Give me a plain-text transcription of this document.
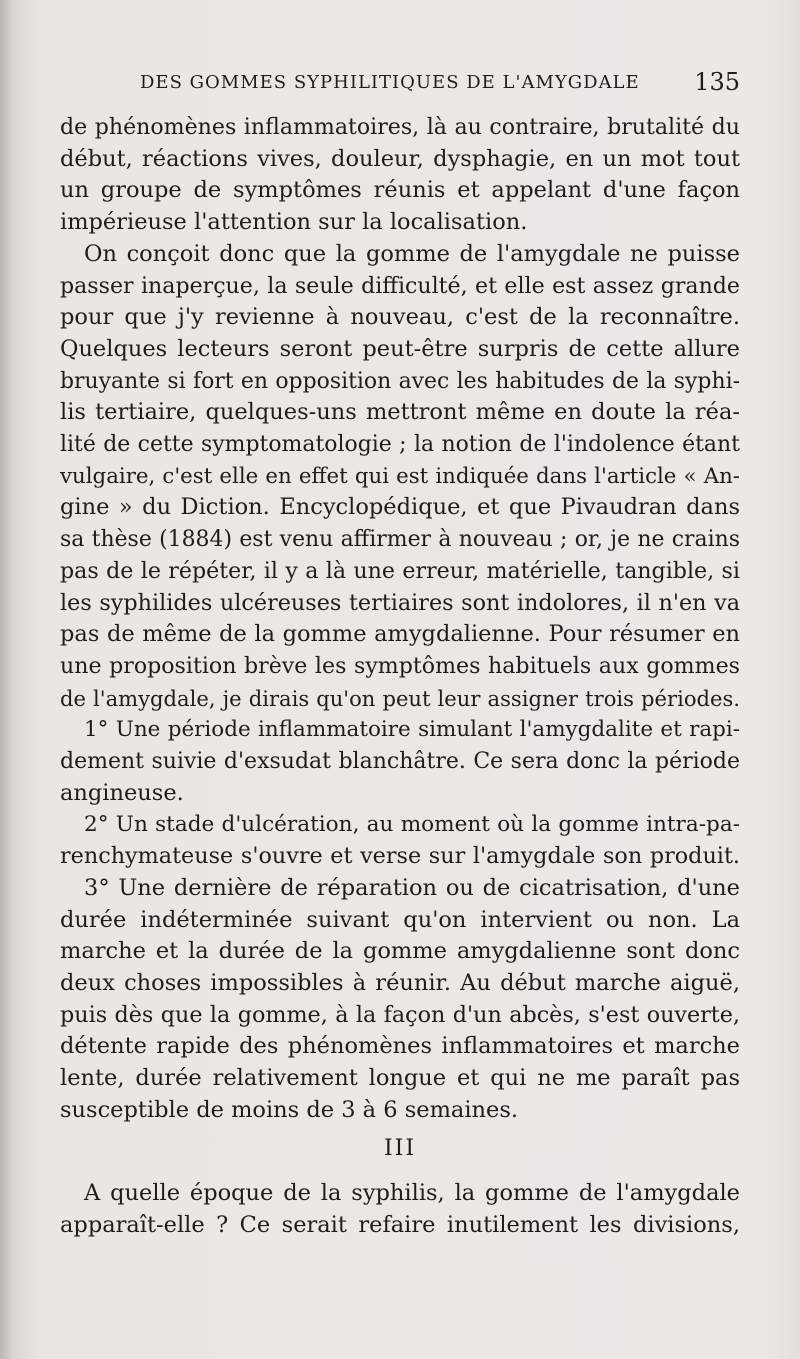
DES GOMMES SYPHILITIQUES DE L'AMYGDALE 135
de phénomènes inflammatoires, là au contraire, brutalité du
début, réactions vives, douleur, dysphagie, en un mot tout
un groupe de symptômes réunis et appelant d'une façon
impérieuse l'attention sur la localisation.
On conçoit donc que la gomme de l'amygdale ne puisse
passer inaperçue, la seule difficulté, et elle est assez grande
pour que j'y revienne à nouveau, c'est de la reconnaître.
Quelques lecteurs seront peut-être surpris de cette allure
bruyante si fort en opposition avec les habitudes de la syphi-
lis tertiaire, quelques-uns mettront même en doute la réa-
lité de cette symptomatologie ; la notion de l'indolence étant
vulgaire, c'est elle en effet qui est indiquée dans l'article « An-
gine » du Diction. Encyclopédique, et que Pivaudran dans
sa thèse (1884) est venu affirmer à nouveau ; or, je ne crains
pas de le répéter, il y a là une erreur, matérielle, tangible, si
les syphilides ulcéreuses tertiaires sont indolores, il n'en va
pas de même de la gomme amygdalienne. Pour résumer en
une proposition brève les symptômes habituels aux gommes
de l'amygdale, je dirais qu'on peut leur assigner trois périodes.
1° Une période inflammatoire simulant l'amygdalite et rapi-
dement suivie d'exsudat blanchâtre. Ce sera donc la période
angineuse.
2° Un stade d'ulcération, au moment où la gomme intra-pa-
renchymateuse s'ouvre et verse sur l'amygdale son produit.
3° Une dernière de réparation ou de cicatrisation, d'une
durée indéterminée suivant qu'on intervient ou non. La
marche et la durée de la gomme amygdalienne sont donc
deux choses impossibles à réunir. Au début marche aiguë,
puis dès que la gomme, à la façon d'un abcès, s'est ouverte,
détente rapide des phénomènes inflammatoires et marche
lente, durée relativement longue et qui ne me paraît pas
susceptible de moins de 3 à 6 semaines.
III
A quelle époque de la syphilis, la gomme de l'amygdale
apparaît-elle ? Ce serait refaire inutilement les divisions,
